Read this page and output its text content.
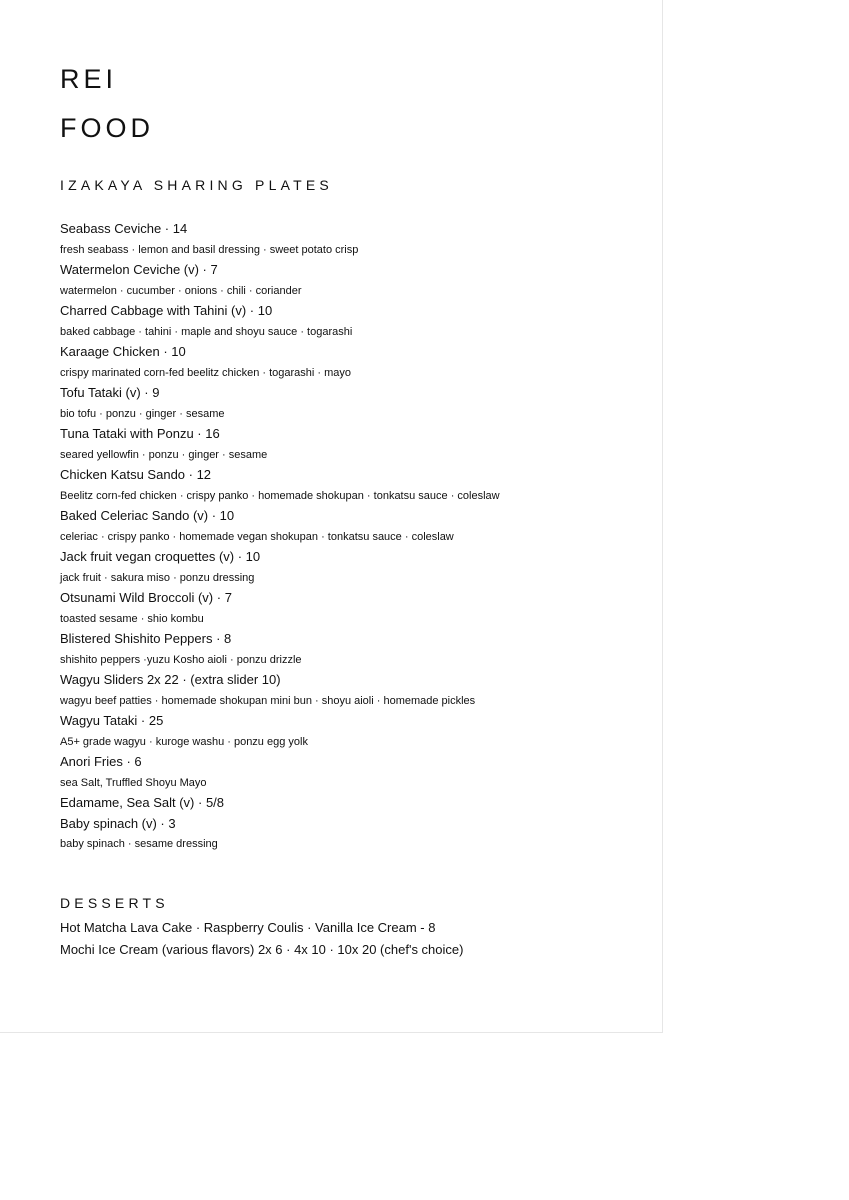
REI
FOOD
IZAKAYA SHARING PLATES
Seabass Ceviche · 14
fresh seabass · lemon and basil dressing · sweet potato crisp
Watermelon Ceviche (v) · 7
watermelon · cucumber · onions · chili · coriander
Charred Cabbage with Tahini (v) · 10
baked cabbage · tahini · maple and shoyu sauce · togarashi
Karaage Chicken · 10
crispy marinated corn-fed beelitz chicken · togarashi · mayo
Tofu Tataki (v) · 9
bio tofu · ponzu · ginger · sesame
Tuna Tataki with Ponzu · 16
seared yellowfin · ponzu · ginger · sesame
Chicken Katsu Sando · 12
Beelitz corn-fed chicken · crispy panko · homemade shokupan · tonkatsu sauce · coleslaw
Baked Celeriac Sando (v) · 10
celeriac · crispy panko · homemade vegan shokupan · tonkatsu sauce · coleslaw
Jack fruit vegan croquettes (v) · 10
jack fruit · sakura miso · ponzu dressing
Otsunami Wild Broccoli (v) · 7
toasted sesame · shio kombu
Blistered Shishito Peppers · 8
shishito peppers ·yuzu Kosho aioli · ponzu drizzle
Wagyu Sliders 2x 22 · (extra slider 10)
wagyu beef patties · homemade shokupan mini bun · shoyu aioli · homemade pickles
Wagyu Tataki · 25
A5+ grade wagyu · kuroge washu · ponzu egg yolk
Anori Fries · 6
sea Salt, Truffled Shoyu Mayo
Edamame, Sea Salt (v) · 5/8
Baby spinach (v) · 3
baby spinach · sesame dressing
DESSERTS
Hot Matcha Lava Cake · Raspberry Coulis · Vanilla Ice Cream - 8
Mochi Ice Cream (various flavors) 2x 6 · 4x 10 · 10x 20 (chef's choice)
